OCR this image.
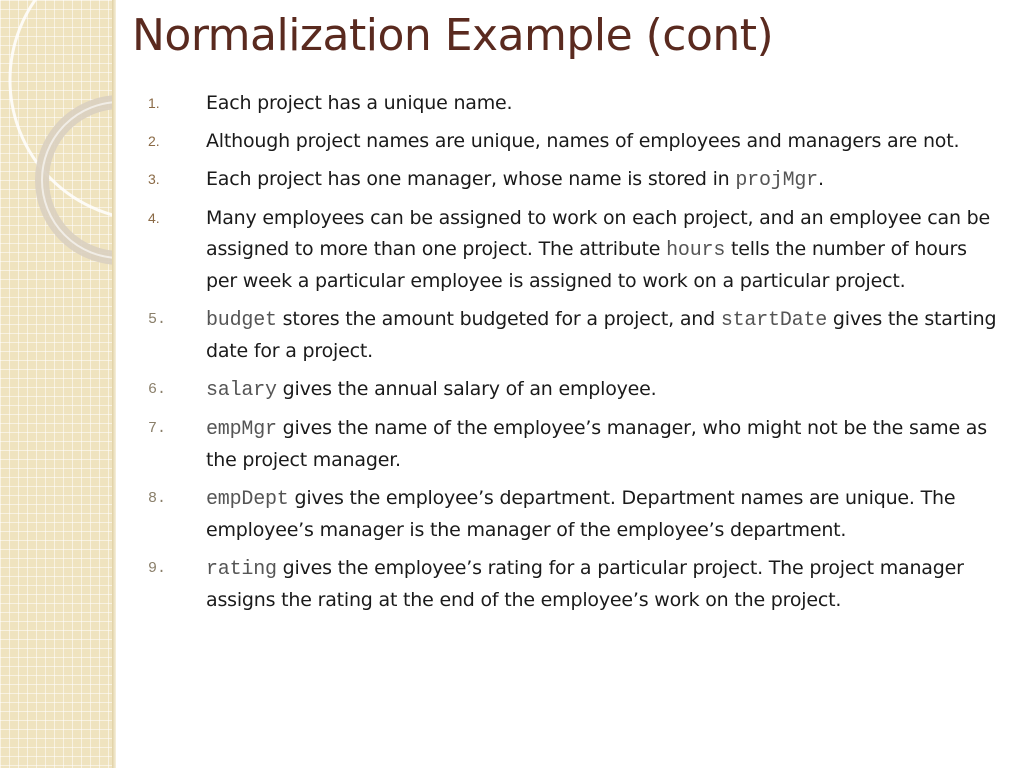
Normalization Example (cont)
1.	Each project has a unique name.
2.	Although project names are unique, names of employees and managers are not.
3.	Each project has one manager, whose name is stored in projMgr.
4.	Many employees can be assigned to work on each project, and an employee can be assigned to more than one project. The attribute hours tells the number of hours per week a particular employee is assigned to work on a particular project.
5.	budget stores the amount budgeted for a project, and startDate gives the starting date for a project.
6.	salary gives the annual salary of an employee.
7.	empMgr gives the name of the employee’s manager, who might not be the same as the project manager.
8.	empDept gives the employee’s department. Department names are unique. The employee’s manager is the manager of the employee’s department.
9.	rating gives the employee’s rating for a particular project. The project manager assigns the rating at the end of the employee’s work on the project.
